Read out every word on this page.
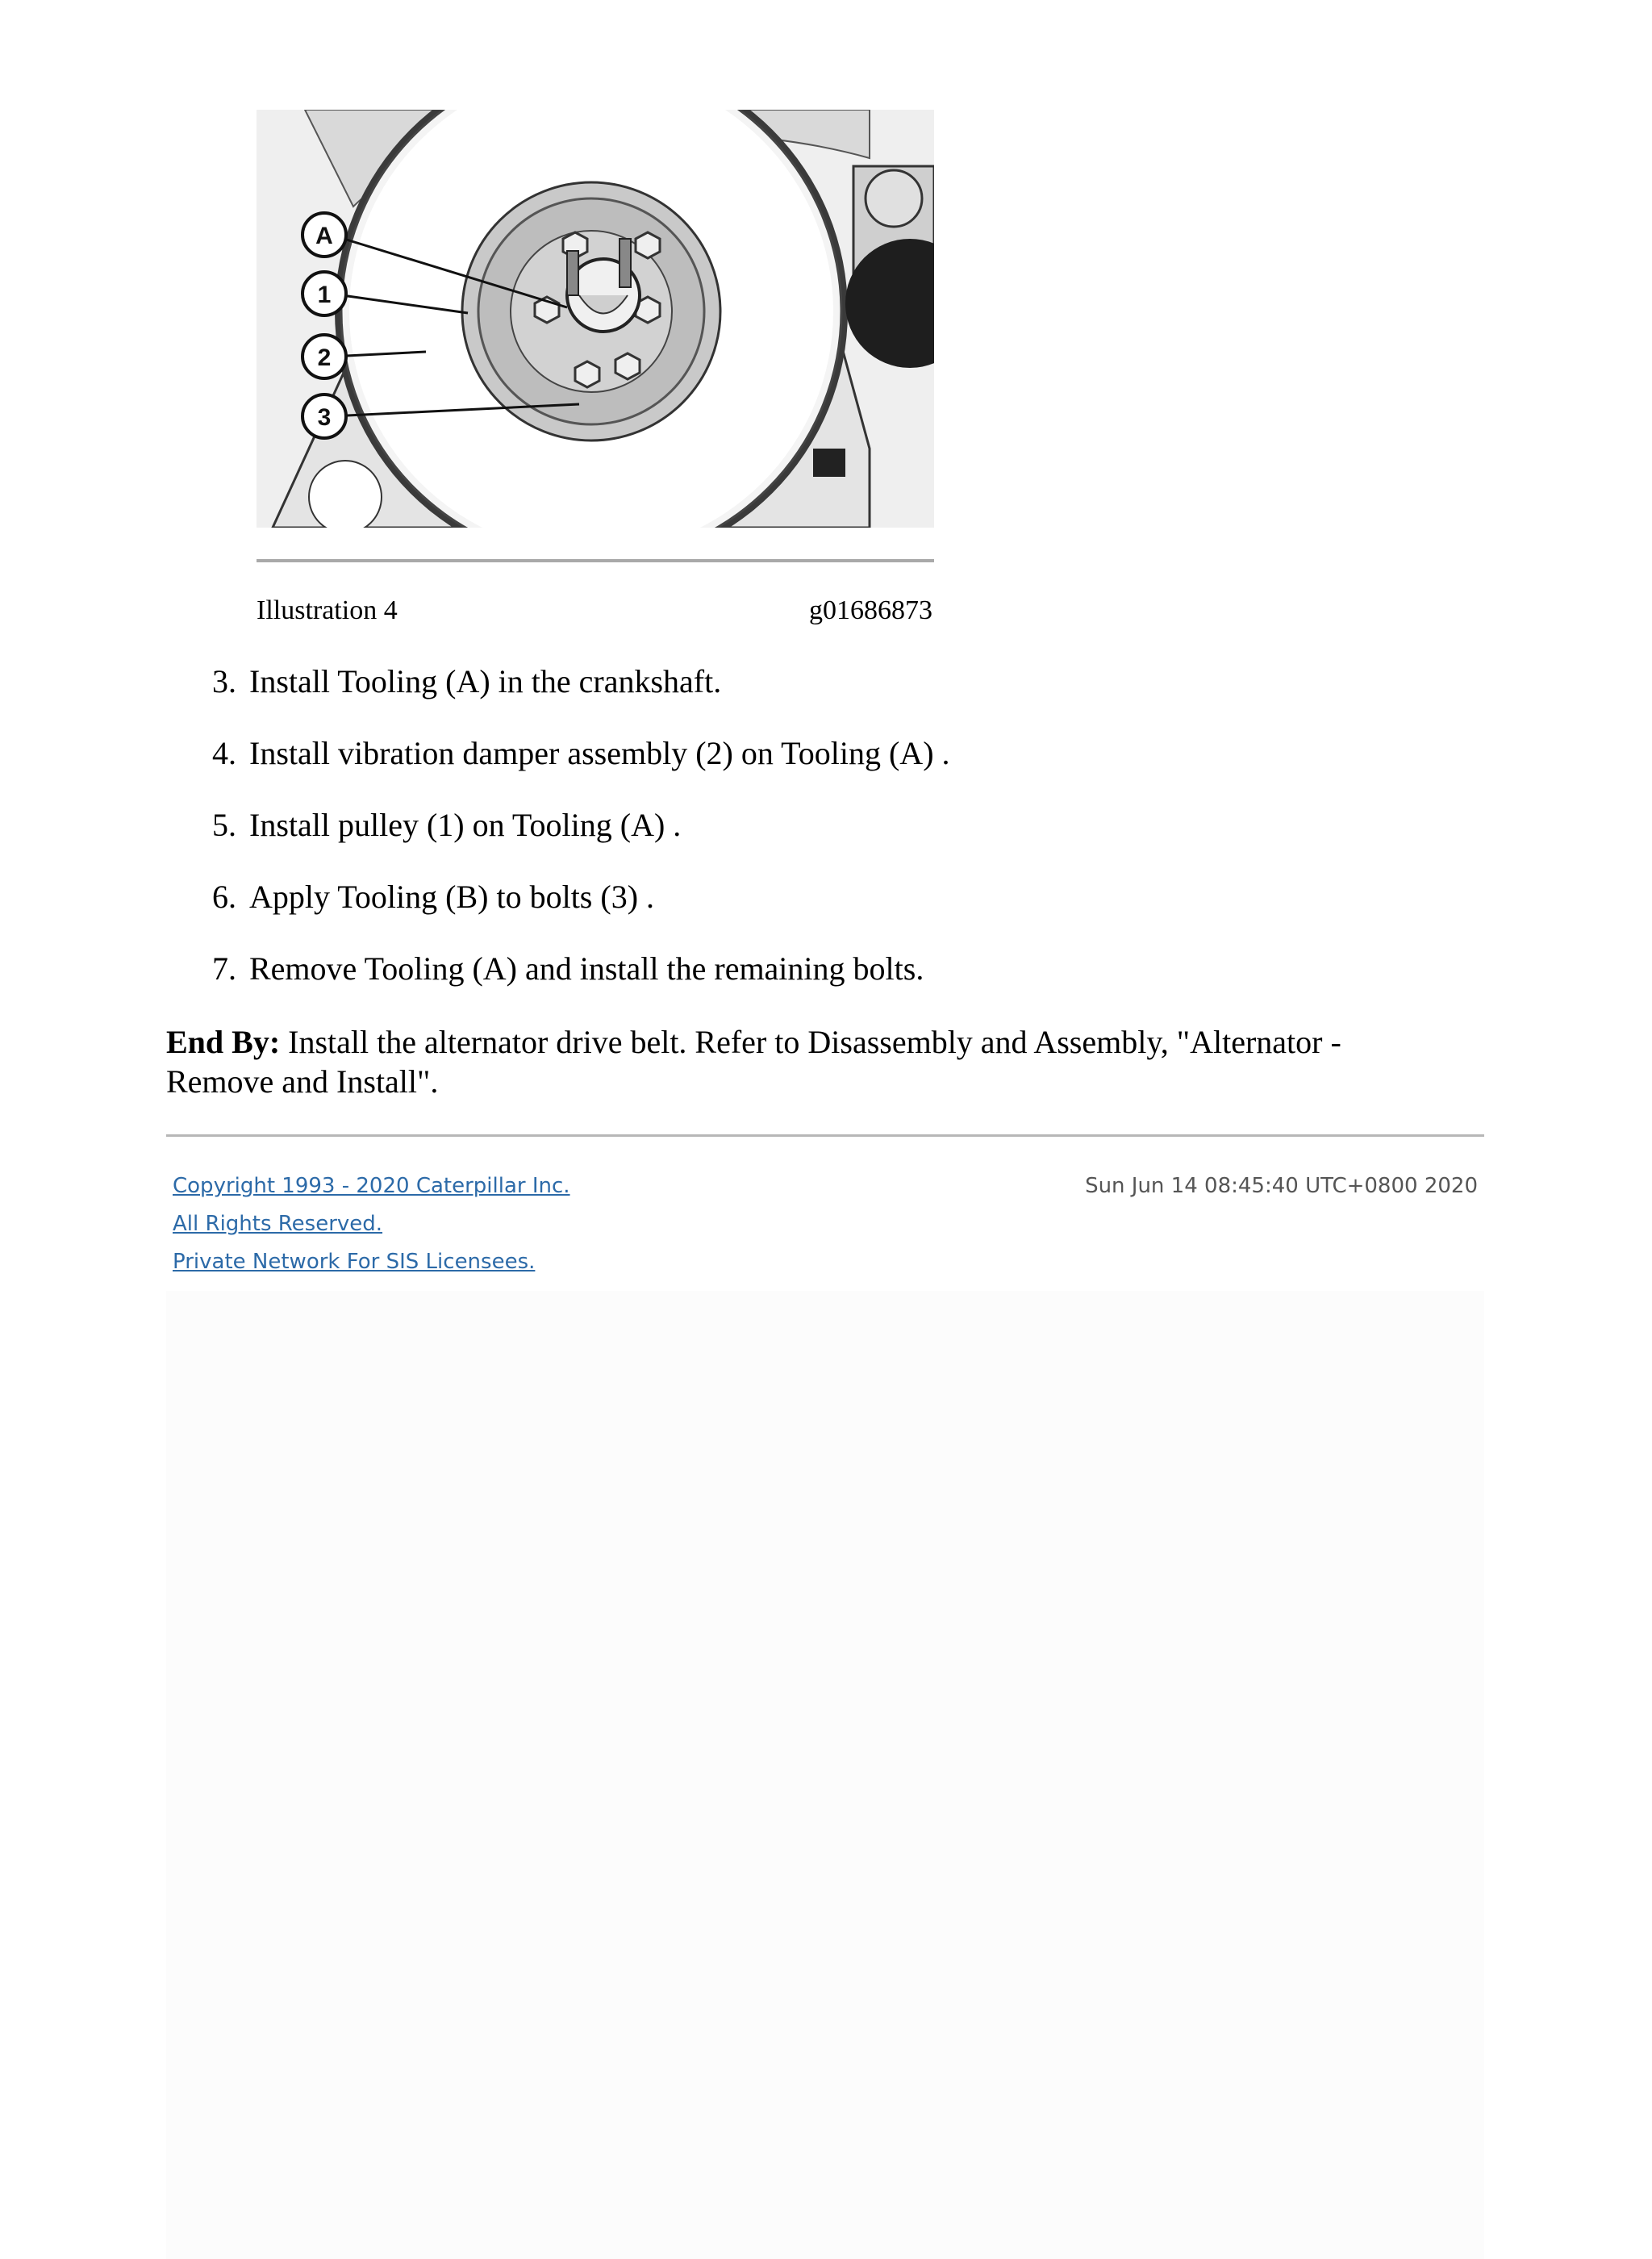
A
1
2
3
Illustration 4	g01686873
3. Install Tooling (A) in the crankshaft.
4. Install vibration damper assembly (2) on Tooling (A) .
5. Install pulley (1) on Tooling (A) .
6. Apply Tooling (B) to bolts (3) .
7. Remove Tooling (A) and install the remaining bolts.
End By: Install the alternator drive belt. Refer to Disassembly and Assembly, "Alternator - Remove and Install".
Copyright 1993 - 2020 Caterpillar Inc.
All Rights Reserved.
Private Network For SIS Licensees.
Sun Jun 14 08:45:40 UTC+0800 2020
